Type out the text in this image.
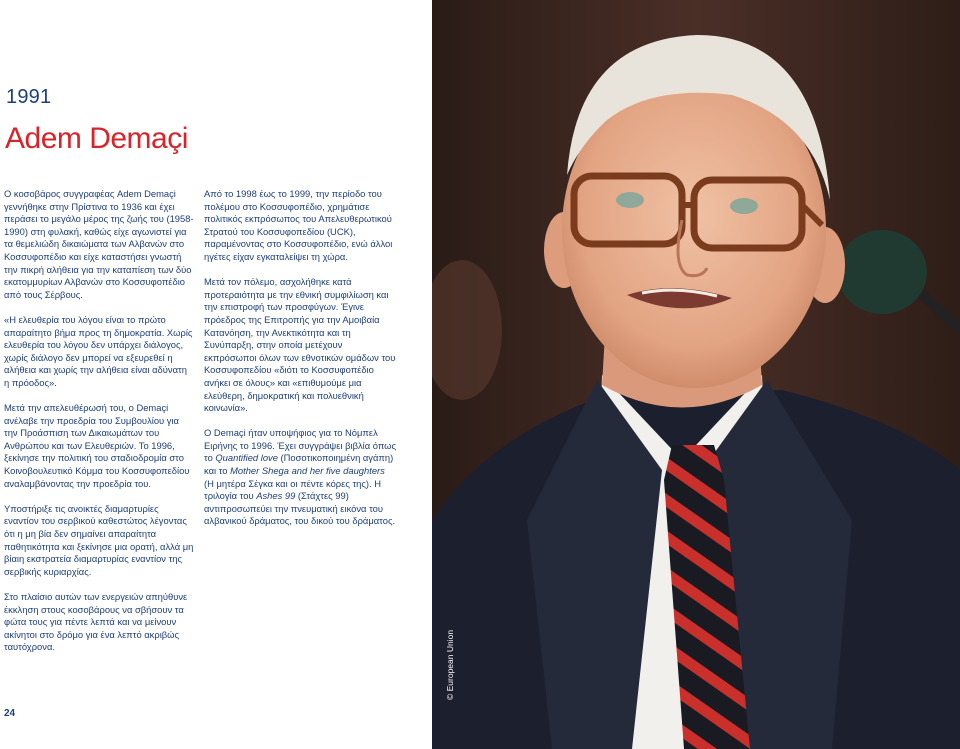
1991
Adem Demaçi

Ο κοσοβάρος συγγραφέας Adem Demaçi γεννήθηκε στην Πρίστινα το 1936 και έχει περάσει το μεγάλο μέρος της ζωής του (1958-1990) στη φυλακή, καθώς είχε αγωνιστεί για τα θεμελιώδη δικαιώματα των Αλβανών στο Κοσσυφοπέδιο και είχε καταστήσει γνωστή την πικρή αλήθεια για την καταπίεση των δύο εκατομμυρίων Αλβανών στο Κοσσυφοπέδιο από τους Σέρβους.

«Η ελευθερία του λόγου είναι το πρώτο απαραίτητο βήμα προς τη δημοκρατία. Χωρίς ελευθερία του λόγου δεν υπάρχει διάλογος, χωρίς διάλογο δεν μπορεί να εξευρεθεί η αλήθεια και χωρίς την αλήθεια είναι αδύνατη η πρόοδος».

Μετά την απελευθέρωσή του, ο Demaçi ανέλαβε την προεδρία του Συμβουλίου για την Προάσπιση των Δικαιωμάτων του Ανθρώπου και των Ελευθεριών. Το 1996, ξεκίνησε την πολιτική του σταδιοδρομία στο Κοινοβουλευτικό Κόμμα του Κοσσυφοπεδίου αναλαμβάνοντας την προεδρία του.

Υποστήριξε τις ανοικτές διαμαρτυρίες εναντίον του σερβικού καθεστώτος λέγοντας ότι η μη βία δεν σημαίνει απαραίτητα παθητικότητα και ξεκίνησε μια ορατή, αλλά μη βίαιη εκστρατεία διαμαρτυρίας εναντίον της σερβικής κυριαρχίας.

Στο πλαίσιο αυτών των ενεργειών απηύθυνε έκκληση στους κοσοβάρους να σβήσουν τα φώτα τους για πέντε λεπτά και να μείνουν ακίνητοι στο δρόμο για ένα λεπτό ακριβώς ταυτόχρονα.

Από το 1998 έως το 1999, την περίοδο του πολέμου στο Κοσσυφοπέδιο, χρημάτισε πολιτικός εκπρόσωπος του Απελευθερωτικού Στρατού του Κοσσυφοπεδίου (UCK), παραμένοντας στο Κοσσυφοπέδιο, ενώ άλλοι ηγέτες είχαν εγκαταλείψει τη χώρα.

Μετά τον πόλεμο, ασχολήθηκε κατά προτεραιότητα με την εθνική συμφιλίωση και την επιστροφή των προσφύγων. Έγινε πρόεδρος της Επιτροπής για την Αμοιβαία Κατανόηση, την Ανεκτικότητα και τη Συνύπαρξη, στην οποία μετέχουν εκπρόσωποι όλων των εθνοτικών ομάδων του Κοσσυφοπεδίου «διότι το Κοσσυφοπέδιο ανήκει σε όλους» και «επιθυμούμε μια ελεύθερη, δημοκρατική και πολυεθνική κοινωνία».

Ο Demaçi ήταν υποψήφιος για το Νόμπελ Ειρήνης το 1996. Έχει συγγράψει βιβλία όπως το Quantified love (Ποσοτικοποιημένη αγάπη) και το Mother Shega and her five daughters (Η μητέρα Σέγκα και οι πέντε κόρες της). Η τριλογία του Ashes 99 (Στάχτες 99) αντιπροσωπεύει την πνευματική εικόνα του αλβανικού δράματος, του δικού του δράματος.

24
© European Union
